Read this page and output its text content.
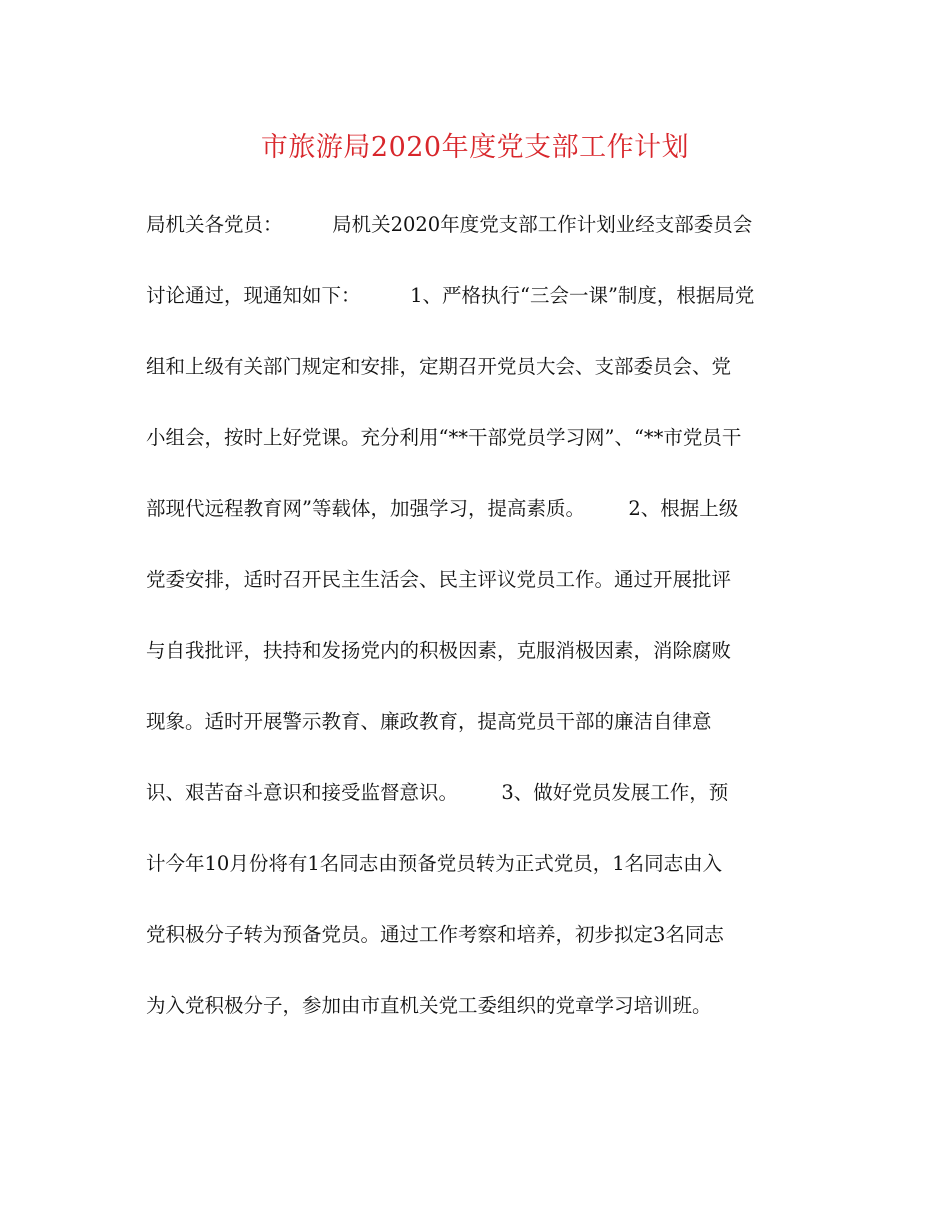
市旅游局2020年度党支部工作计划
局机关各党员：        局机关2020年度党支部工作计划业经支部委员会
讨论通过，现通知如下：        1、严格执行“三会一课”制度，根据局党
组和上级有关部门规定和安排，定期召开党员大会、支部委员会、党
小组会，按时上好党课。充分利用“**干部党员学习网”、“**市党员干
部现代远程教育网”等载体，加强学习，提高素质。       2、根据上级
党委安排，适时召开民主生活会、民主评议党员工作。通过开展批评
与自我批评，扶持和发扬党内的积极因素，克服消极因素，消除腐败
现象。适时开展警示教育、廉政教育，提高党员干部的廉洁自律意
识、艰苦奋斗意识和接受监督意识。       3、做好党员发展工作，预
计今年10月份将有1名同志由预备党员转为正式党员，1名同志由入
党积极分子转为预备党员。通过工作考察和培养，初步拟定3名同志
为入党积极分子，参加由市直机关党工委组织的党章学习培训班。
